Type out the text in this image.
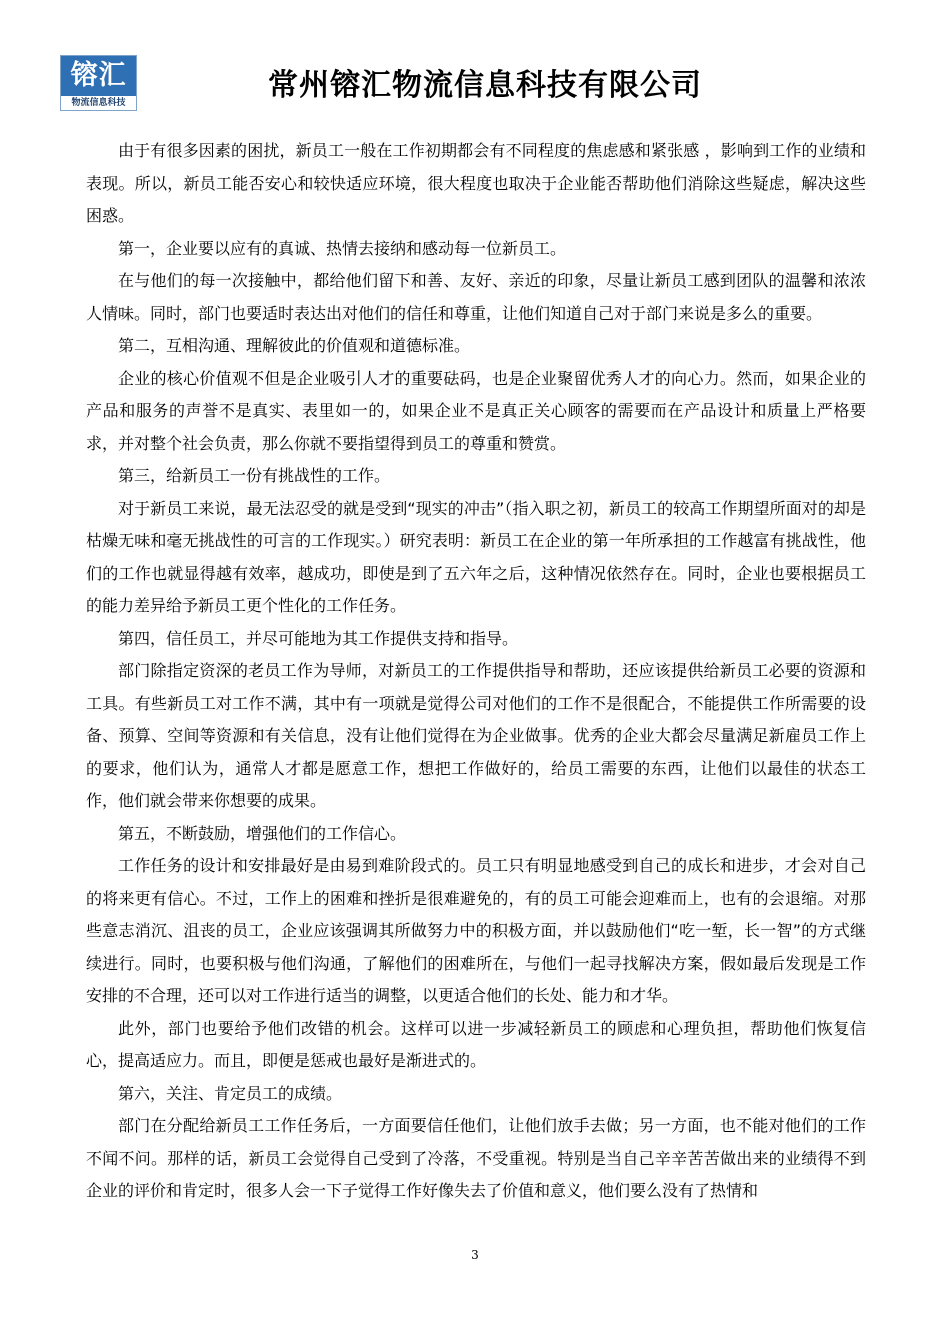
镕汇
物流信息科技	常州镕汇物流信息科技有限公司

由于有很多因素的困扰，新员工一般在工作初期都会有不同程度的焦虑感和紧张感 ，影响到工作的业绩和表现。所以，新员工能否安心和较快适应环境，很大程度也取决于企业能否帮助他们消除这些疑虑，解决这些困惑。

第一，企业要以应有的真诚、热情去接纳和感动每一位新员工。

在与他们的每一次接触中，都给他们留下和善、友好、亲近的印象，尽量让新员工感到团队的温馨和浓浓人情味。同时，部门也要适时表达出对他们的信任和尊重，让他们知道自己对于部门来说是多么的重要。

第二，互相沟通、理解彼此的价值观和道德标准。

企业的核心价值观不但是企业吸引人才的重要砝码，也是企业聚留优秀人才的向心力。然而，如果企业的产品和服务的声誉不是真实、表里如一的，如果企业不是真正关心顾客的需要而在产品设计和质量上严格要求，并对整个社会负责，那么你就不要指望得到员工的尊重和赞赏。

第三，给新员工一份有挑战性的工作。

对于新员工来说，最无法忍受的就是受到“现实的冲击”（指入职之初，新员工的较高工作期望所面对的却是枯燥无味和毫无挑战性的可言的工作现实。）研究表明：新员工在企业的第一年所承担的工作越富有挑战性，他们的工作也就显得越有效率，越成功，即使是到了五六年之后，这种情况依然存在。同时，企业也要根据员工的能力差异给予新员工更个性化的工作任务。

第四，信任员工，并尽可能地为其工作提供支持和指导。

部门除指定资深的老员工作为导师，对新员工的工作提供指导和帮助，还应该提供给新员工必要的资源和工具。有些新员工对工作不满，其中有一项就是觉得公司对他们的工作不是很配合，不能提供工作所需要的设备、预算、空间等资源和有关信息，没有让他们觉得在为企业做事。优秀的企业大都会尽量满足新雇员工作上的要求，他们认为，通常人才都是愿意工作，想把工作做好的，给员工需要的东西，让他们以最佳的状态工作，他们就会带来你想要的成果。

第五，不断鼓励，增强他们的工作信心。

工作任务的设计和安排最好是由易到难阶段式的。员工只有明显地感受到自己的成长和进步，才会对自己的将来更有信心。不过，工作上的困难和挫折是很难避免的，有的员工可能会迎难而上，也有的会退缩。对那些意志消沉、沮丧的员工，企业应该强调其所做努力中的积极方面，并以鼓励他们“吃一堑，长一智”的方式继续进行。同时，也要积极与他们沟通，了解他们的困难所在，与他们一起寻找解决方案，假如最后发现是工作安排的不合理，还可以对工作进行适当的调整，以更适合他们的长处、能力和才华。

此外，部门也要给予他们改错的机会。这样可以进一步减轻新员工的顾虑和心理负担，帮助他们恢复信心，提高适应力。而且，即便是惩戒也最好是渐进式的。

第六，关注、肯定员工的成绩。

部门在分配给新员工工作任务后，一方面要信任他们，让他们放手去做；另一方面，也不能对他们的工作不闻不问。那样的话，新员工会觉得自己受到了冷落，不受重视。特别是当自己辛辛苦苦做出来的业绩得不到企业的评价和肯定时，很多人会一下子觉得工作好像失去了价值和意义，他们要么没有了热情和

3
